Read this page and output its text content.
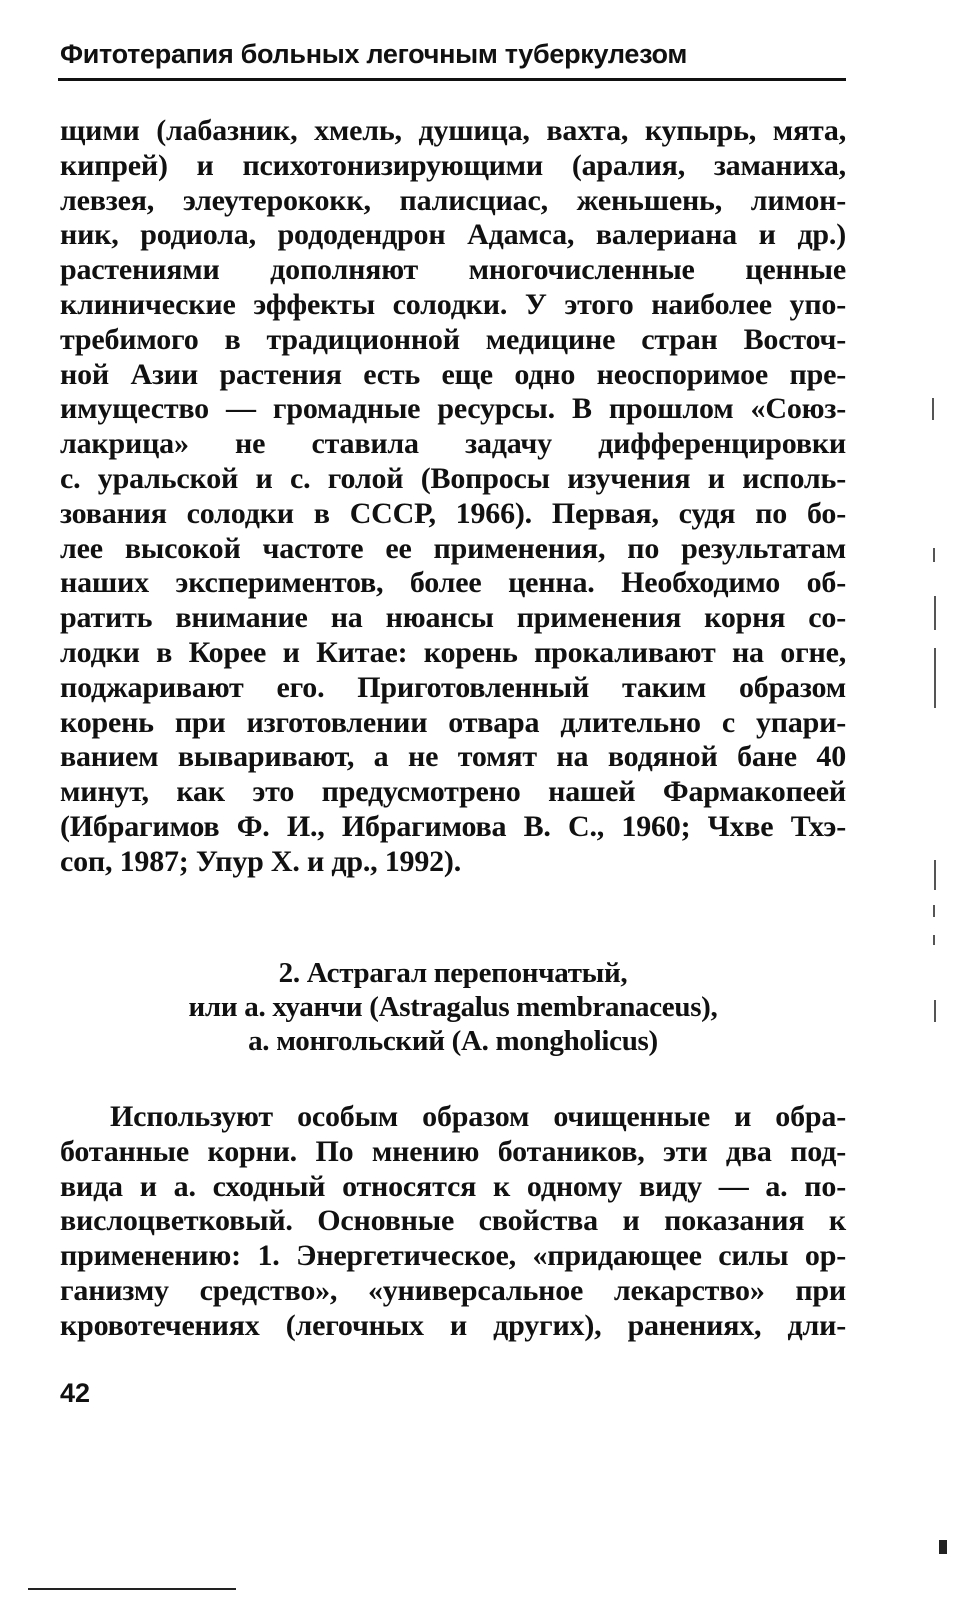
Фитотерапия больных легочным туберкулезом
щими (лабазник, хмель, душица, вахта, купырь, мята,
кипрей) и психотонизирующими (аралия, заманиха,
левзея, элеутерококк, палисциас, женьшень, лимон-
ник, родиола, рододендрон Адамса, валериана и др.)
растениями дополняют многочисленные ценные
клинические эффекты солодки. У этого наиболее упо-
требимого в традиционной медицине стран Восточ-
ной Азии растения есть еще одно неоспоримое пре-
имущество — громадные ресурсы. В прошлом «Союз-
лакрица» не ставила задачу дифференцировки
с. уральской и с. голой (Вопросы изучения и исполь-
зования солодки в СССР, 1966). Первая, судя по бо-
лее высокой частоте ее применения, по результатам
наших экспериментов, более ценна. Необходимо об-
ратить внимание на нюансы применения корня со-
лодки в Корее и Китае: корень прокаливают на огне,
поджаривают его. Приготовленный таким образом
корень при изготовлении отвара длительно с упари-
ванием вываривают, а не томят на водяной бане 40
минут, как это предусмотрено нашей Фармакопеей
(Ибрагимов Ф. И., Ибрагимова В. С., 1960; Чхве Тхэ-
соп, 1987; Упур Х. и др., 1992).
2. Астрагал перепончатый,
или а. хуанчи (Astragalus membranaceus),
а. монгольский (A. mongholicus)
Используют особым образом очищенные и обра-
ботанные корни. По мнению ботаников, эти два под-
вида и а. сходный относятся к одному виду — а. по-
вислоцветковый. Основные свойства и показания к
применению: 1. Энергетическое, «придающее силы ор-
ганизму средство», «универсальное лекарство» при
кровотечениях (легочных и других), ранениях, дли-
42
